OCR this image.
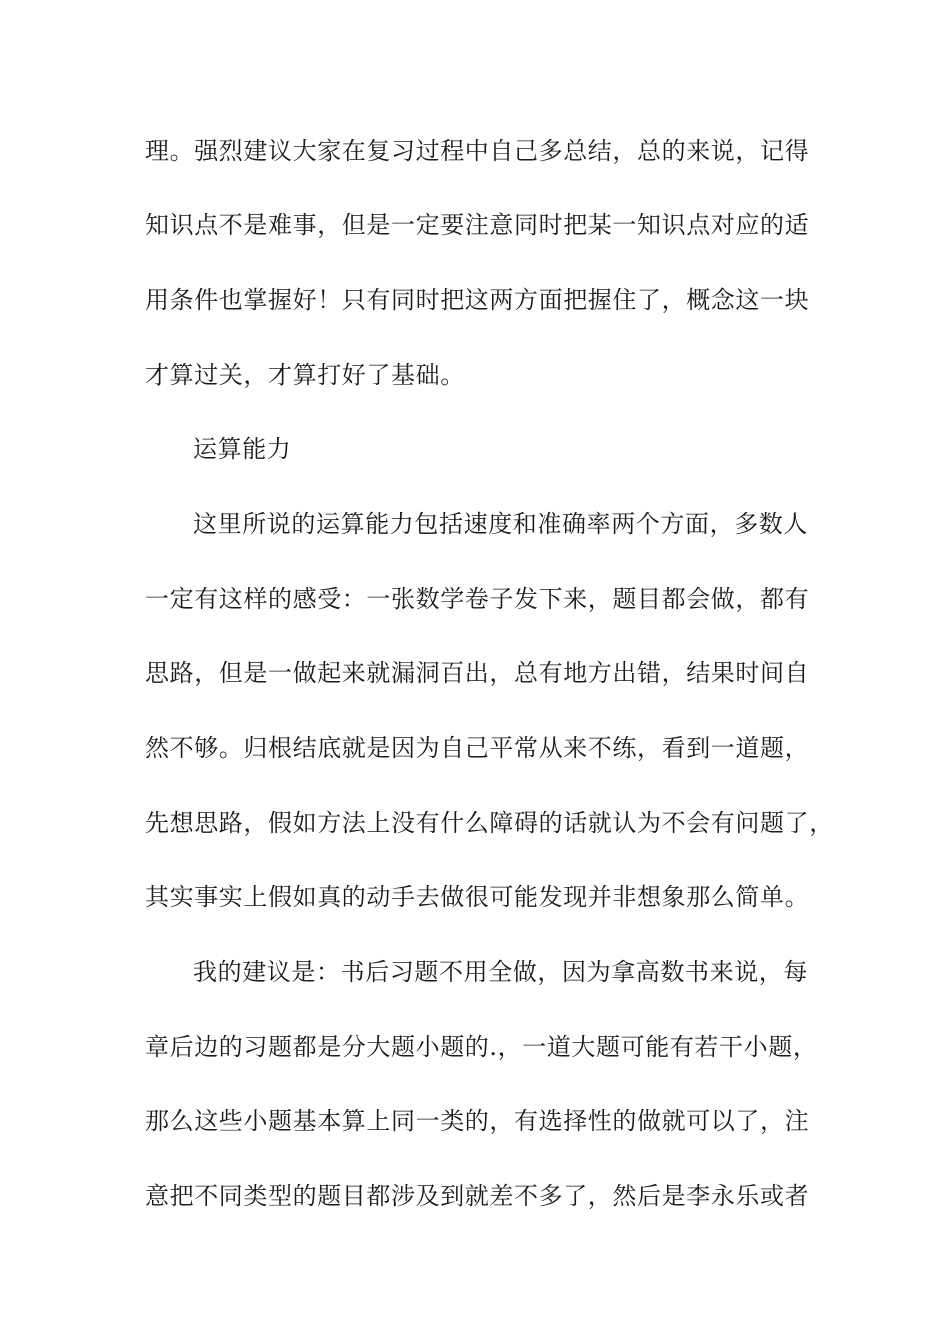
理。强烈建议大家在复习过程中自己多总结，总的来说，记得
知识点不是难事，但是一定要注意同时把某一知识点对应的适
用条件也掌握好！只有同时把这两方面把握住了，概念这一块
才算过关，才算打好了基础。
运算能力
这里所说的运算能力包括速度和准确率两个方面，多数人
一定有这样的感受：一张数学卷子发下来，题目都会做，都有
思路，但是一做起来就漏洞百出，总有地方出错，结果时间自
然不够。归根结底就是因为自己平常从来不练，看到一道题，
先想思路，假如方法上没有什么障碍的话就认为不会有问题了，
其实事实上假如真的动手去做很可能发现并非想象那么简单。
我的建议是：书后习题不用全做，因为拿高数书来说，每
章后边的习题都是分大题小题的.，一道大题可能有若干小题，
那么这些小题基本算上同一类的，有选择性的做就可以了，注
意把不同类型的题目都涉及到就差不多了，然后是李永乐或者
